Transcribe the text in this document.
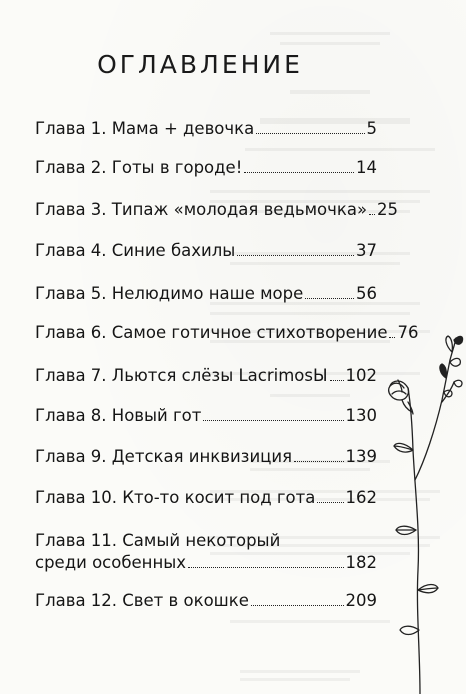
ОГЛАВЛЕНИЕ
Глава 1. Мама + девочка	5
Глава 2. Готы в городе!	14
Глава 3. Типаж «молодая ведьмочка» 25
Глава 4. Синие бахилы	37
Глава 5. Нелюдимо наше море	56
Глава 6. Самое готичное стихотворение 76
Глава 7. Льются слёзы LacrimosЫ 102
Глава 8. Новый гот	130
Глава 9. Детская инквизиция	139
Глава 10. Кто-то косит под гота 162
Глава 11. Самый некоторый
среди особенных	182
Глава 12. Свет в окошке	209
